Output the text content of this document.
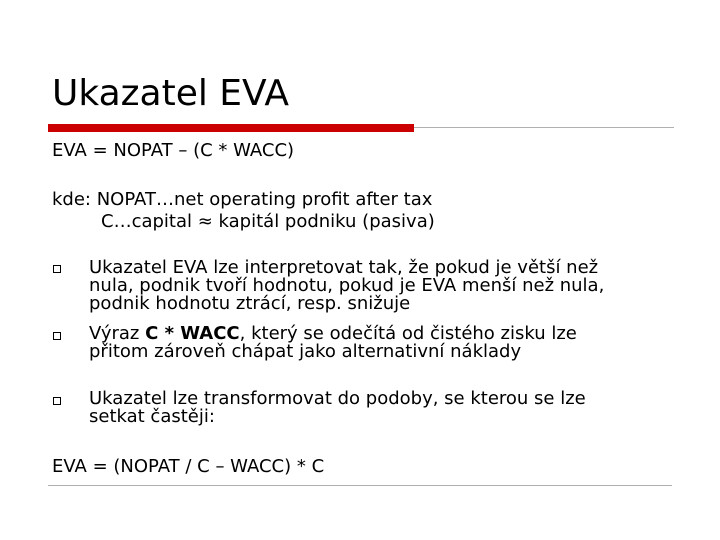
Ukazatel EVA
EVA = NOPAT – (C * WACC)
kde: NOPAT…net operating profit after tax
C…capital ≈ kapitál podniku (pasiva)
Ukazatel EVA lze interpretovat tak, že pokud je větší než
nula, podnik tvoří hodnotu, pokud je EVA menší než nula,
podnik hodnotu ztrácí, resp. snižuje
Výraz C * WACC, který se odečítá od čistého zisku lze
přitom zároveň chápat jako alternativní náklady
Ukazatel lze transformovat do podoby, se kterou se lze
setkat častěji:
EVA = (NOPAT / C – WACC) * C
